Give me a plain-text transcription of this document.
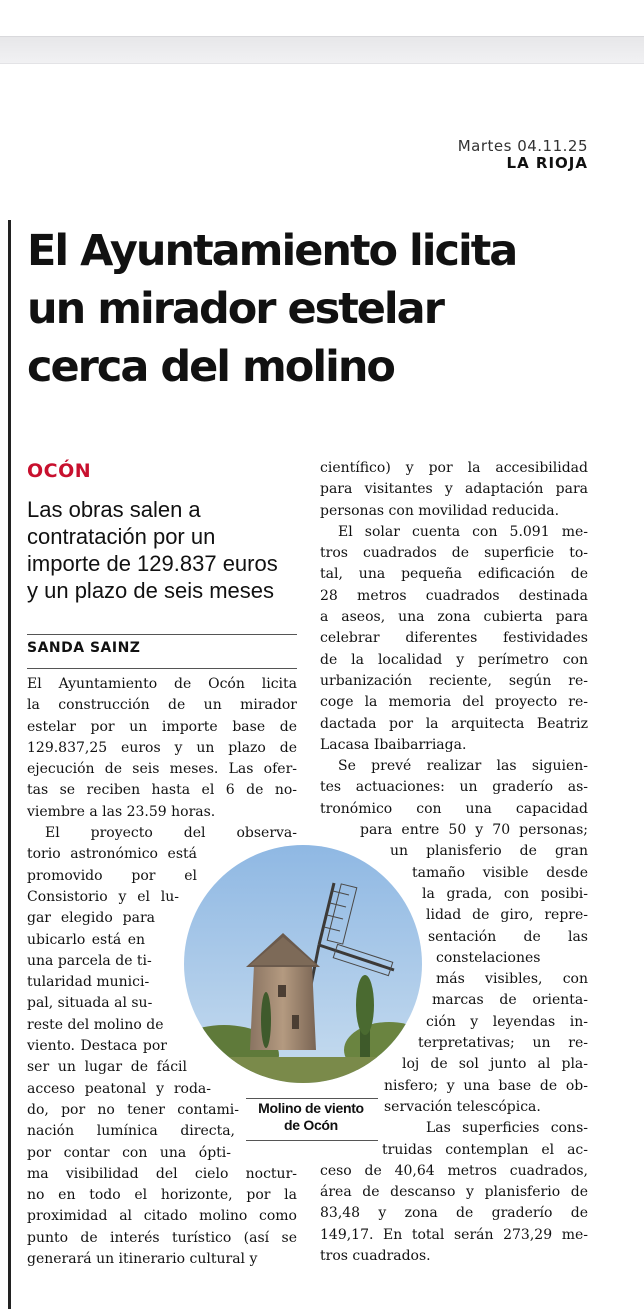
Martes 04.11.25
LA RIOJA
El Ayuntamiento licita
un mirador estelar
cerca del molino
OCÓN

Las obras salen a
contratación por un
importe de 129.837 euros
y un plazo de seis meses

SANDA SAINZ
El Ayuntamiento de Ocón licita
la construcción de un mirador
estelar por un importe base de
129.837,25 euros y un plazo de
ejecución de seis meses. Las ofer-
tas se reciben hasta el 6 de no-
viembre a las 23.59 horas.
El proyecto del observa-
torio astronómico está
promovido por el
Consistorio y el lu-
gar elegido para
ubicarlo está en
una parcela de ti-
tularidad munici-
pal, situada al su-
reste del molino de
viento. Destaca por
ser un lugar de fácil
acceso peatonal y roda-
do, por no tener contami-
nación lumínica directa,
por contar con una ópti-
ma visibilidad del cielo noctur-
no en todo el horizonte, por la
proximidad al citado molino como
punto de interés turístico (así se
generará un itinerario cultural y
científico) y por la accesibilidad
para visitantes y adaptación para
personas con movilidad reducida.
El solar cuenta con 5.091 me-
tros cuadrados de superficie to-
tal, una pequeña edificación de
28 metros cuadrados destinada
a aseos, una zona cubierta para
celebrar diferentes festividades
de la localidad y perímetro con
urbanización reciente, según re-
coge la memoria del proyecto re-
dactada por la arquitecta Beatriz
Lacasa Ibaibarriaga.
Se prevé realizar las siguien-
tes actuaciones: un graderío as-
tronómico con una capacidad
para entre 50 y 70 personas;
un planisferio de gran
tamaño visible desde
la grada, con posibi-
lidad de giro, repre-
sentación de las
constelaciones
más visibles, con
marcas de orienta-
ción y leyendas in-
terpretativas; un re-
loj de sol junto al pla-
nisfero; y una base de ob-
servación telescópica.
Las superficies cons-
truidas contemplan el ac-
ceso de 40,64 metros cuadrados,
área de descanso y planisferio de
83,48 y zona de graderío de
149,17. En total serán 273,29 me-
tros cuadrados.
Molino de viento
de Ocón
